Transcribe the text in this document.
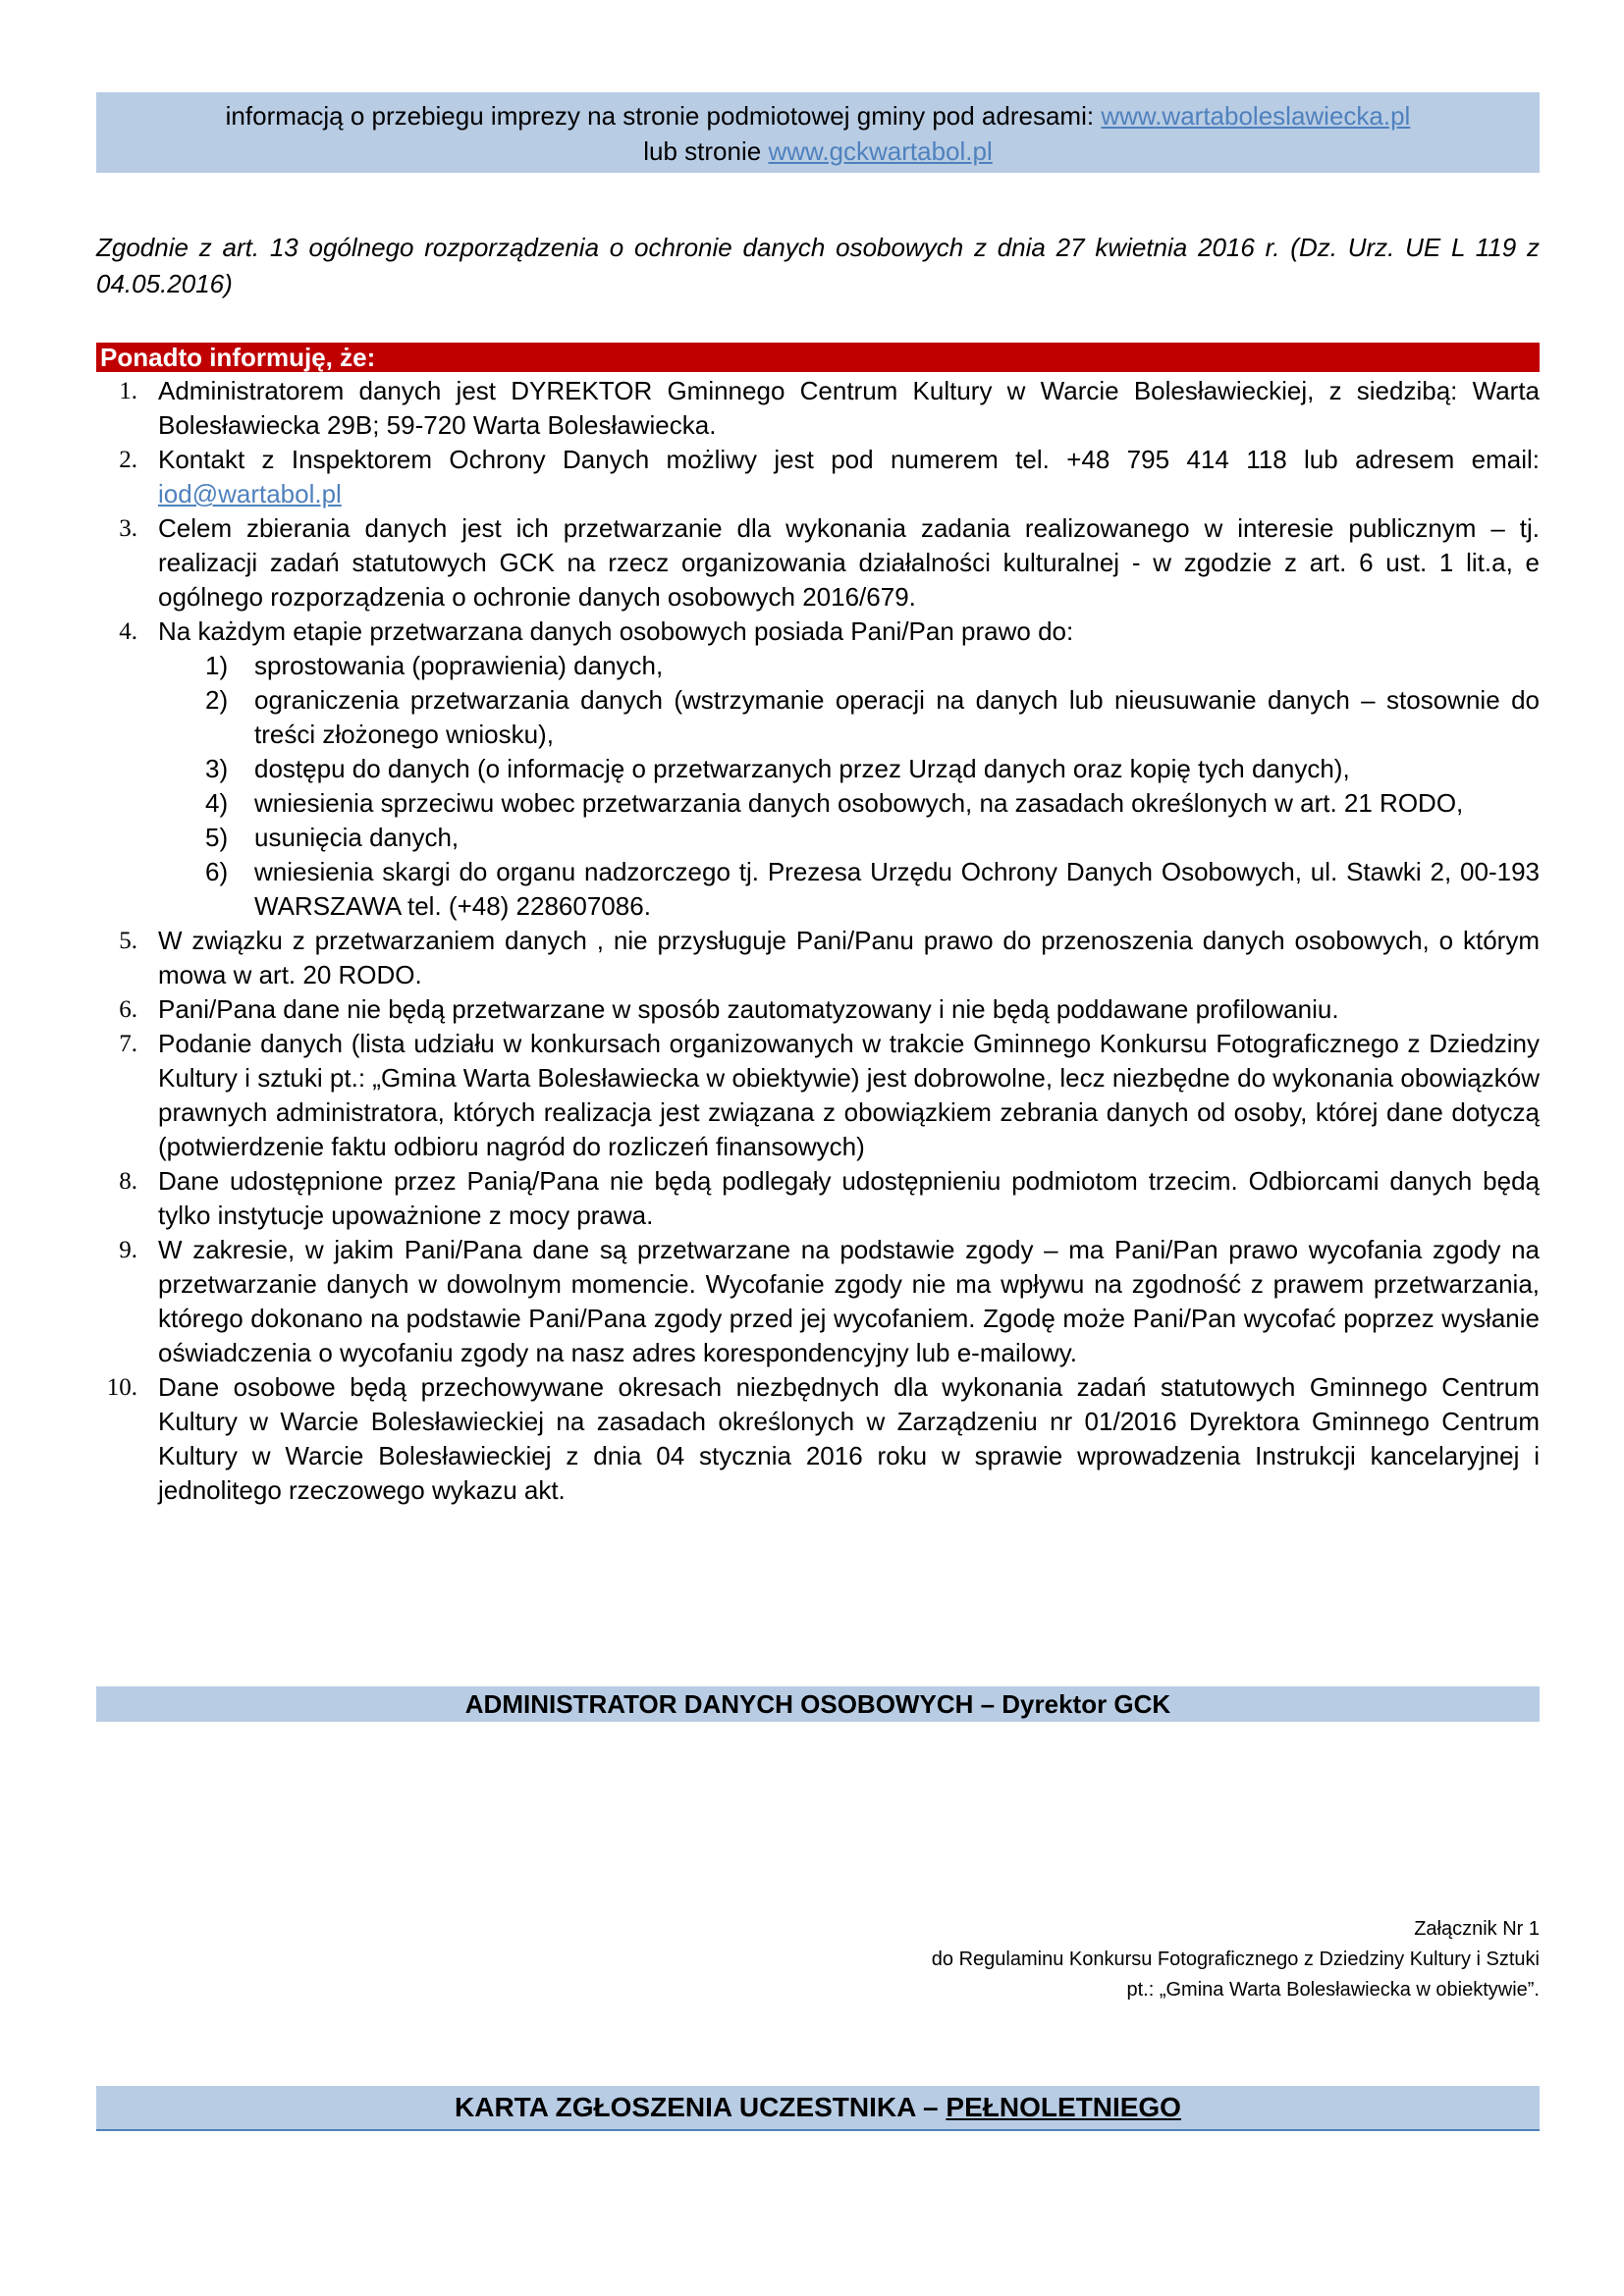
informacją o przebiegu imprezy na stronie podmiotowej gminy pod adresami: www.wartaboleslawiecka.pl
lub stronie www.gckwartabol.pl
Zgodnie z art. 13 ogólnego rozporządzenia o ochronie danych osobowych z dnia 27 kwietnia 2016 r. (Dz. Urz. UE L 119 z 04.05.2016)
Ponadto informuję, że:
1. Administratorem danych jest DYREKTOR Gminnego Centrum Kultury w Warcie Bolesławieckiej, z siedzibą: Warta Bolesławiecka 29B; 59-720 Warta Bolesławiecka.
2. Kontakt z Inspektorem Ochrony Danych możliwy jest pod numerem tel. +48 795 414 118 lub adresem email: iod@wartabol.pl
3. Celem zbierania danych jest ich przetwarzanie dla wykonania zadania realizowanego w interesie publicznym – tj. realizacji zadań statutowych GCK na rzecz organizowania działalności kulturalnej - w zgodzie z art. 6 ust. 1 lit.a, e ogólnego rozporządzenia o ochronie danych osobowych 2016/679.
4. Na każdym etapie przetwarzana danych osobowych posiada Pani/Pan prawo do:
1) sprostowania (poprawienia) danych,
2) ograniczenia przetwarzania danych (wstrzymanie operacji na danych lub nieusuwanie danych – stosownie do treści złożonego wniosku),
3) dostępu do danych (o informację o przetwarzanych przez Urząd danych oraz kopię tych danych),
4) wniesienia sprzeciwu wobec przetwarzania danych osobowych, na zasadach określonych w art. 21 RODO,
5) usunięcia danych,
6) wniesienia skargi do organu nadzorczego tj. Prezesa Urzędu Ochrony Danych Osobowych, ul. Stawki 2, 00-193 WARSZAWA tel. (+48) 228607086.
5. W związku z przetwarzaniem danych , nie przysługuje Pani/Panu prawo do przenoszenia danych osobowych, o którym mowa w art. 20 RODO.
6. Pani/Pana dane nie będą przetwarzane w sposób zautomatyzowany i nie będą poddawane profilowaniu.
7. Podanie danych (lista udziału w konkursach organizowanych w trakcie Gminnego Konkursu Fotograficznego z Dziedziny Kultury i sztuki pt.: „Gmina Warta Bolesławiecka w obiektywie) jest dobrowolne, lecz niezbędne do wykonania obowiązków prawnych administratora, których realizacja jest związana z obowiązkiem zebrania danych od osoby, której dane dotyczą (potwierdzenie faktu odbioru nagród do rozliczeń finansowych)
8. Dane udostępnione przez Panią/Pana nie będą podlegały udostępnieniu podmiotom trzecim. Odbiorcami danych będą tylko instytucje upoważnione z mocy prawa.
9. W zakresie, w jakim Pani/Pana dane są przetwarzane na podstawie zgody – ma Pani/Pan prawo wycofania zgody na przetwarzanie danych w dowolnym momencie. Wycofanie zgody nie ma wpływu na zgodność z prawem przetwarzania, którego dokonano na podstawie Pani/Pana zgody przed jej wycofaniem. Zgodę może Pani/Pan wycofać poprzez wysłanie oświadczenia o wycofaniu zgody na nasz adres korespondencyjny lub e-mailowy.
10. Dane osobowe będą przechowywane okresach niezbędnych dla wykonania zadań statutowych Gminnego Centrum Kultury w Warcie Bolesławieckiej na zasadach określonych w Zarządzeniu nr 01/2016 Dyrektora Gminnego Centrum Kultury w Warcie Bolesławieckiej z dnia 04 stycznia 2016 roku w sprawie wprowadzenia Instrukcji kancelaryjnej i jednolitego rzeczowego wykazu akt.
ADMINISTRATOR DANYCH OSOBOWYCH – Dyrektor GCK
Załącznik Nr 1
do Regulaminu Konkursu Fotograficznego z Dziedziny Kultury i Sztuki
pt.: „Gmina Warta Bolesławiecka w obiektywie”.
KARTA ZGŁOSZENIA UCZESTNIKA – PEŁNOLETNIEGO
